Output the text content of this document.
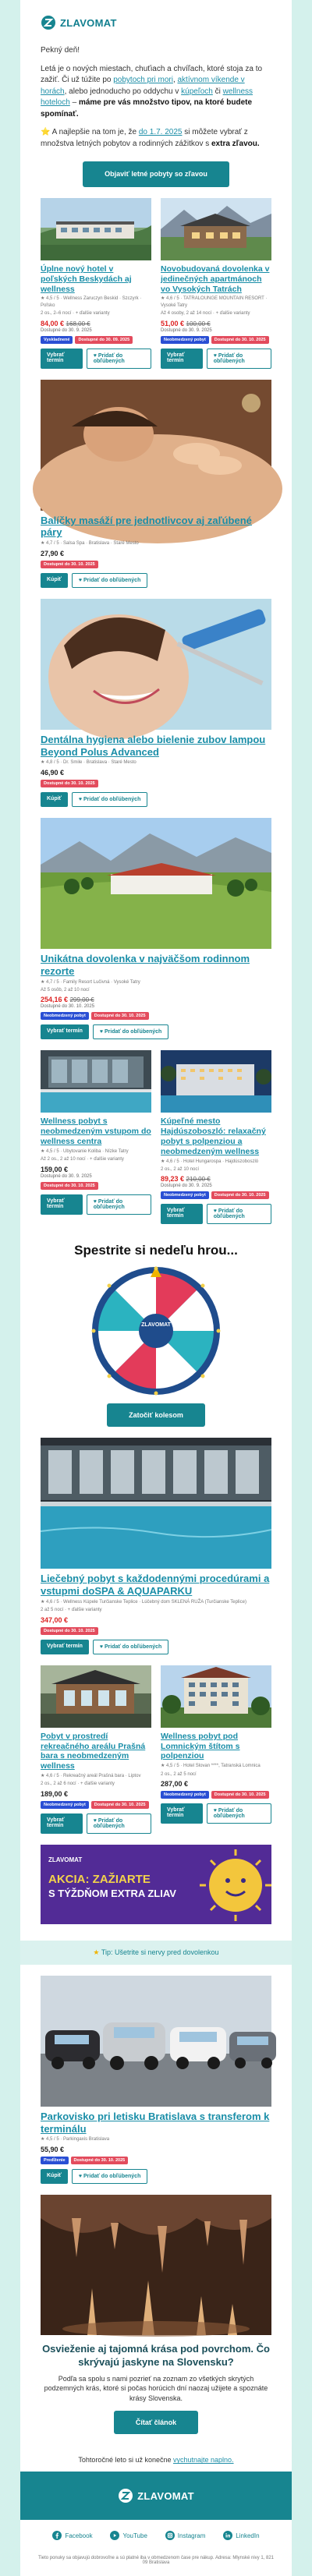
ZLAVOMAT

Pekný deň!

Letá je o nových miestach, chuťiach a chvíľach, ktoré stoja za to zažiť. Či už túžite po pobytoch pri mori, aktívnom víkende v horách, alebo jednoducho po oddychu v kúpeľoch či wellness hoteloch – máme pre vás množstvo tipov, na ktoré budete spomínať.

⭐ A najlepšie na tom je, že do 1.7. 2025 si môžete vybrať z množstva letných pobytov a rodinných zážitkov s extra zľavou.

Objaviť letné pobyty so zľavou
Úplne nový hotel v poľských Beskydách aj wellness
★ 4,5 / 5 · Wellness Zaruczyn Beskid · Szczyrk · Poľsko
2 os., 2–6 nocí · + ďalšie varianty
84,00 € 168,00 €
Dostupné do 30. 9. 2025
Vyskladnené	Dostupné do 30. 09. 2025
Vybrať termín
♥ Pridať do obľúbených
Novobudovaná dovolenka v jedinečných apartmánoch vo Vysokých Tatrách
★ 4,6 / 5 · TATRALOUNGE MOUNTAIN RESORT · Vysoké Tatry
Až 4 osoby, 2 až 14 nocí · + ďalšie varianty
51,00 € 100,00 €
Dostupné do 30. 9. 2025
Neobmedzený pobyt	Dostupné do 30. 10. 2025
Vybrať termín
♥ Pridať do obľúbených
Balíčky masáží pre jednotlivcov aj zaľúbené páry
★ 4,7 / 5 · Salsa Spa · Bratislava · Staré Mesto
27,90 €
Dostupné do 30. 10. 2025
Kúpiť	♥ Pridať do obľúbených
Dentálna hygiena alebo bielenie zubov lampou Beyond Polus Advanced
★ 4,8 / 5 · Dr. Smile · Bratislava · Staré Mesto
46,90 €
Dostupné do 30. 10. 2025
Kúpiť	♥ Pridať do obľúbených
Unikátna dovolenka v najväčšom rodinnom rezorte
★ 4,7 / 5 · Family Resort Lučivná · Vysoké Tatry
Až 5 osôb, 2 až 10 nocí
254,16 € 299,00 €
Dostupné do 30. 10. 2025
Neobmedzený pobyt	Dostupné do 30. 10. 2025
Vybrať termín	♥ Pridať do obľúbených
Wellness pobyt s neobmedzeným vstupom do wellness centra
★ 4,5 / 5 · Ubytovanie Koliba · Nízke Tatry
Až 2 os., 2 až 10 nocí · + ďalšie varianty
159,00 €
Dostupné do 30. 9. 2025
Dostupné do 30. 10. 2025
Vybrať termín
♥ Pridať do obľúbených
Kúpeľné mesto Hajdúszoboszló: relaxačný pobyt s polpenziou a neobmedzeným wellness
★ 4,6 / 5 · Hotel Hungarospa · Hajdúszoboszló
2 os., 2 až 10 nocí
89,23 € 210,00 €
Dostupné do 30. 9. 2025
Neobmedzený pobyt	Dostupné do 30. 10. 2025
Vybrať termín
♥ Pridať do obľúbených
Spestrite si nedeľu hrou...
Zatočiť kolesom
Liečebný pobyt s každodennými procedúrami a vstupmi doSPA & AQUAPARKU
★ 4,6 / 5 · Wellness Kúpele Turčianske Teplice · Lúčebný dom SKLENÁ RUŽA (Turčianske Teplice)
2 až 5 nocí · + ďalšie varianty
347,00 €
Dostupné do 30. 10. 2025
Vybrať termín	♥ Pridať do obľúbených
Pobyt v prostredí rekreačného areálu Prašná bara s neobmedzeným wellness
★ 4,6 / 5 · Rekreačný areál Prašná bara · Liptov
2 os., 2 až 6 nocí · + ďalšie varianty
189,00 €
Neobmedzený pobyt	Dostupné do 30. 10. 2025
Vybrať termín
♥ Pridať do obľúbených
Wellness pobyt pod Lomnickým štítom s polpenziou
★ 4,5 / 5 · Hotel Slovan ****, Tatranská Lomnica
2 os., 2 až 5 nocí
287,00 €
Neobmedzený pobyt	Dostupné do 30. 10. 2025
Vybrať termín
♥ Pridať do obľúbených
ZLAVOMAT
AKCIA: ZAŽIARTE
S TÝŽDŇOM EXTRA ZLIAV
★ Tip: Ušetrite si nervy pred dovolenkou
Parkovisko pri letisku Bratislava s transferom k terminálu
★ 4,5 / 5 · Parkingaxis Bratislava
55,90 €
Predĺženie	Dostupné do 30. 10. 2025
Kúpiť	♥ Pridať do obľúbených
Osvieženie aj tajomná krása pod povrchom. Čo skrývajú jaskyne na Slovensku?
Podľa sa spolu s nami pozrieť na zoznam zo všetkých skrytých podzemných krás, ktoré si počas horúcich dní naozaj užijete a spoznáte krásy Slovenska.
Čítať článok
Tohtoročné leto si už konečne vychutnajte naplno.
ZLAVOMAT
Facebook	YouTube	Instagram	LinkedIn
Tieto ponuky sa objavujú dobrovoľne a sú platné iba v obmedzenom čase pre nákup. Adresa: Mlynské nivy 1, 821 09 Bratislava
